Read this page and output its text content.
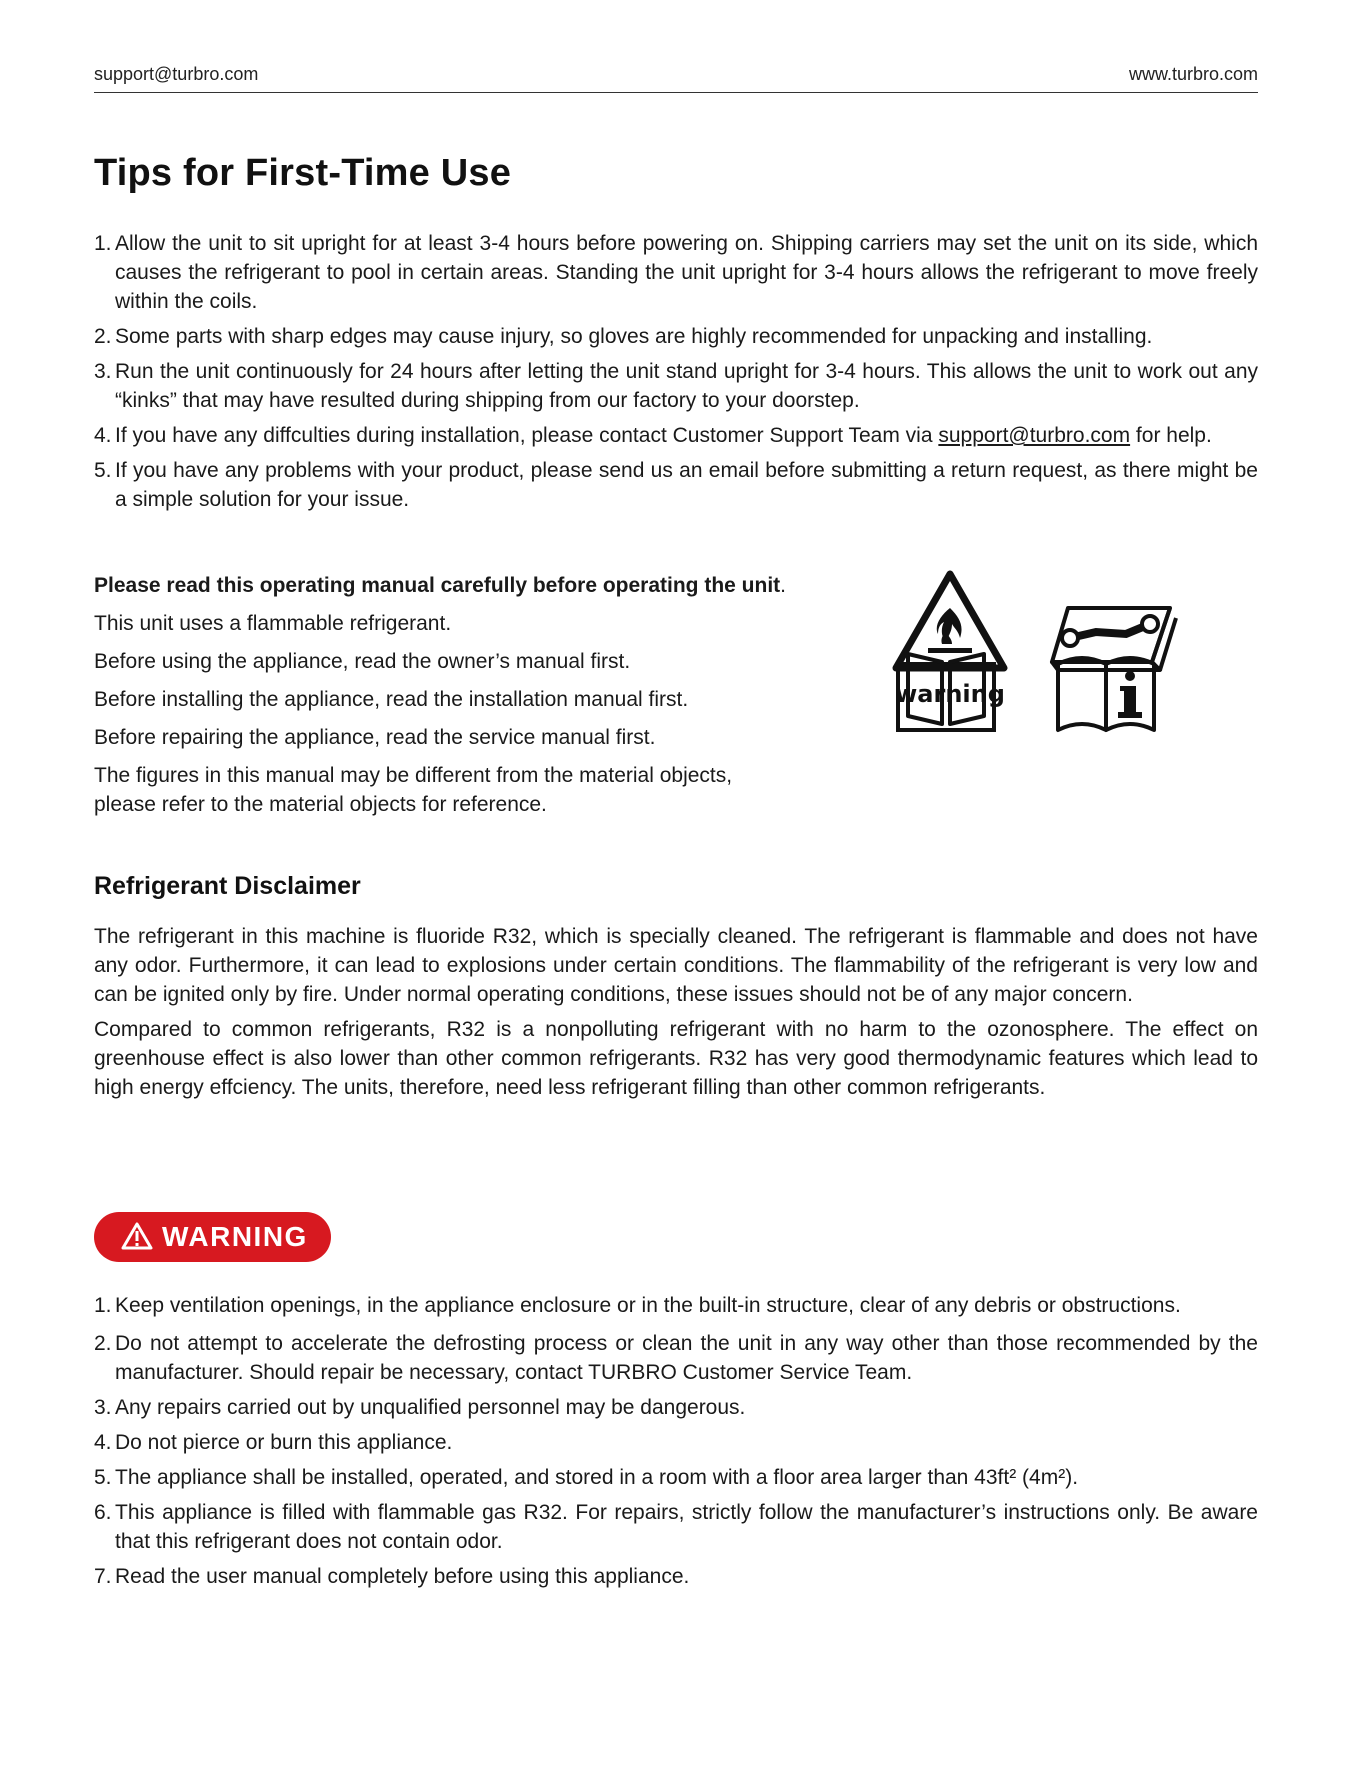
support@turbro.com	www.turbro.com
Tips for First-Time Use
1. Allow the unit to sit upright for at least 3-4 hours before powering on. Shipping carriers may set the unit on its side, which causes the refrigerant to pool in certain areas. Standing the unit upright for 3-4 hours allows the refrigerant to move freely within the coils.
2. Some parts with sharp edges may cause injury, so gloves are highly recommended for unpacking and installing.
3. Run the unit continuously for 24 hours after letting the unit stand upright for 3-4 hours. This allows the unit to work out any “kinks” that may have resulted during shipping from our factory to your doorstep.
4. If you have any diffculties during installation, please contact Customer Support Team via support@turbro.com for help.
5. If you have any problems with your product, please send us an email before submitting a return request, as there might be a simple solution for your issue.

Please read this operating manual carefully before operating the unit.

This unit uses a flammable refrigerant.

Before using the appliance, read the owner’s manual first.

Before installing the appliance, read the installation manual first.

Before repairing the appliance, read the service manual first.

The figures in this manual may be different from the material objects, please refer to the material objects for reference.

warning
Refrigerant Disclaimer

The refrigerant in this machine is fluoride R32, which is specially cleaned. The refrigerant is flammable and does not have any odor. Furthermore, it can lead to explosions under certain conditions. The flammability of the refrigerant is very low and can be ignited only by fire. Under normal operating conditions, these issues should not be of any major concern.

Compared to common refrigerants, R32 is a nonpolluting refrigerant with no harm to the ozonosphere. The effect on greenhouse effect is also lower than other common refrigerants. R32 has very good thermodynamic features which lead to high energy effciency. The units, therefore, need less refrigerant filling than other common refrigerants.

WARNING
1. Keep ventilation openings, in the appliance enclosure or in the built-in structure, clear of any debris or obstructions.
2. Do not attempt to accelerate the defrosting process or clean the unit in any way other than those recommended by the manufacturer. Should repair be necessary, contact TURBRO Customer Service Team.
3. Any repairs carried out by unqualified personnel may be dangerous.
4. Do not pierce or burn this appliance.
5. The appliance shall be installed, operated, and stored in a room with a floor area larger than 43ft² (4m²).
6. This appliance is filled with flammable gas R32. For repairs, strictly follow the manufacturer’s instructions only. Be aware that this refrigerant does not contain odor.
7. Read the user manual completely before using this appliance.
